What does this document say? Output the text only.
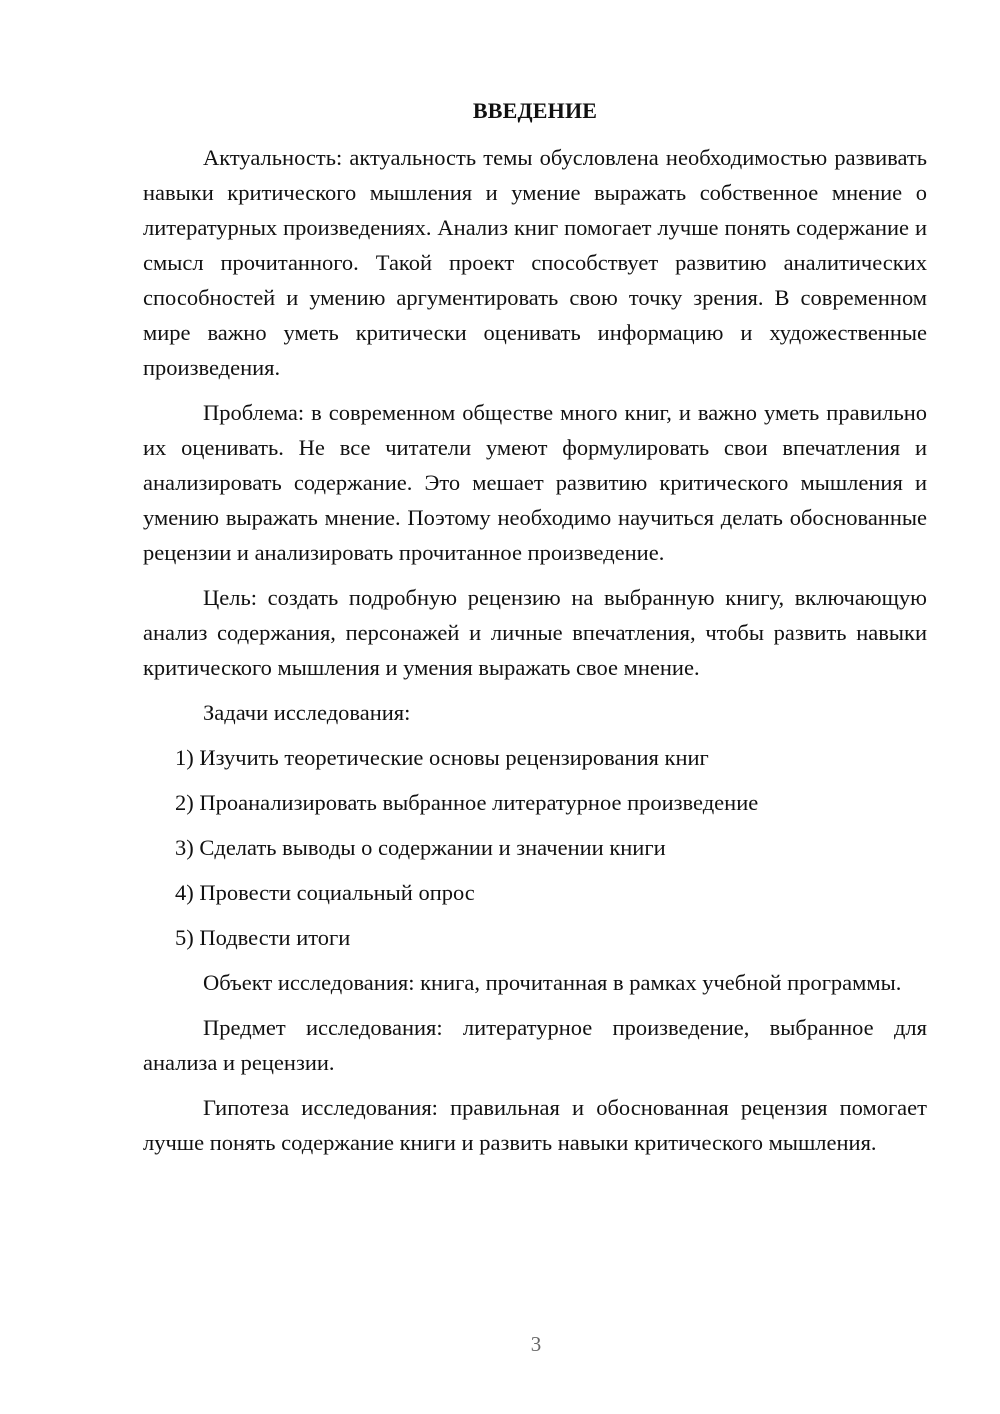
ВВЕДЕНИЕ

Актуальность: актуальность темы обусловлена необходимостью развивать навыки критического мышления и умение выражать собственное мнение о литературных произведениях. Анализ книг помогает лучше понять содержание и смысл прочитанного. Такой проект способствует развитию аналитических способностей и умению аргументировать свою точку зрения. В современном мире важно уметь критически оценивать информацию и художественные произведения.

Проблема: в современном обществе много книг, и важно уметь правильно их оценивать. Не все читатели умеют формулировать свои впечатления и анализировать содержание. Это мешает развитию критического мышления и умению выражать мнение. Поэтому необходимо научиться делать обоснованные рецензии и анализировать прочитанное произведение.

Цель: создать подробную рецензию на выбранную книгу, включающую анализ содержания, персонажей и личные впечатления, чтобы развить навыки критического мышления и умения выражать свое мнение.

Задачи исследования:

1) Изучить теоретические основы рецензирования книг
2) Проанализировать выбранное литературное произведение
3) Сделать выводы о содержании и значении книги
4) Провести социальный опрос
5) Подвести итоги

Объект исследования: книга, прочитанная в рамках учебной программы.

Предмет исследования: литературное произведение, выбранное для анализа и рецензии.

Гипотеза исследования: правильная и обоснованная рецензия помогает лучше понять содержание книги и развить навыки критического мышления.

3
